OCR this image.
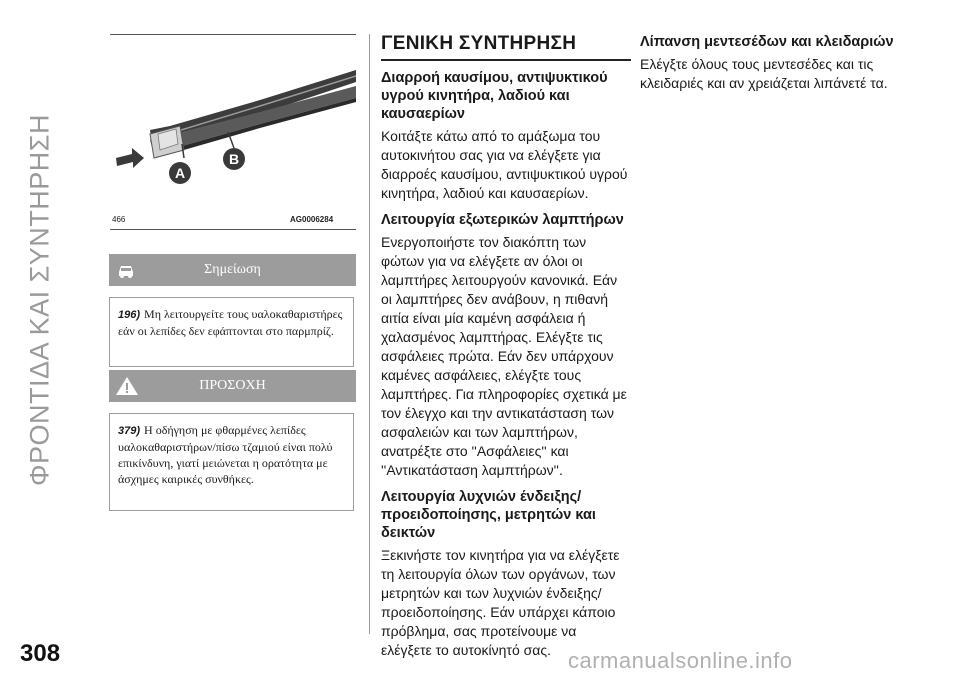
ΦΡΟΝΤΙΔΑ ΚΑΙ ΣΥΝΤΗΡΗΣΗ
308
A
B
466	AG0006284
Σημείωση
196) Μη λειτουργείτε τους υαλοκαθαριστήρες εάν οι λεπίδες δεν εφάπτονται στο παρμπρίζ.
ΠΡΟΣΟΧΗ
379) Η οδήγηση με φθαρμένες λεπίδες υαλοκαθαριστήρων/πίσω τζαμιού είναι πολύ επικίνδυνη, γιατί μειώνεται η ορατότητα με άσχημες καιρικές συνθήκες.
ΓΕΝΙΚΗ ΣΥΝΤΗΡΗΣΗ
Διαρροή καυσίμου, αντιψυκτικού υγρού κινητήρα, λαδιού και καυσαερίων

Κοιτάξτε κάτω από το αμάξωμα του αυτοκινήτου σας για να ελέγξετε για διαρροές καυσίμου, αντιψυκτικού υγρού κινητήρα, λαδιού και καυσαερίων.

Λειτουργία εξωτερικών λαμπτήρων

Ενεργοποιήστε τον διακόπτη των φώτων για να ελέγξετε αν όλοι οι λαμπτήρες λειτουργούν κανονικά. Εάν οι λαμπτήρες δεν ανάβουν, η πιθανή αιτία είναι μία καμένη ασφάλεια ή χαλασμένος λαμπτήρας. Ελέγξτε τις ασφάλειες πρώτα. Εάν δεν υπάρχουν καμένες ασφάλειες, ελέγξτε τους λαμπτήρες. Για πληροφορίες σχετικά με τον έλεγχο και την αντικατάσταση των ασφαλειών και των λαμπτήρων, ανατρέξτε στο ''Ασφάλειες'' και ''Αντικατάσταση λαμπτήρων''.

Λειτουργία λυχνιών ένδειξης/ προειδοποίησης, μετρητών και δεικτών

Ξεκινήστε τον κινητήρα για να ελέγξετε τη λειτουργία όλων των οργάνων, των μετρητών και των λυχνιών ένδειξης/προειδοποίησης. Εάν υπάρχει κάποιο πρόβλημα, σας προτείνουμε να ελέγξετε το αυτοκίνητό σας.

Λίπανση μεντεσέδων και κλειδαριών

Ελέγξτε όλους τους μεντεσέδες και τις κλειδαριές και αν χρειάζεται λιπάνετέ τα.

carmanualsonline.info
